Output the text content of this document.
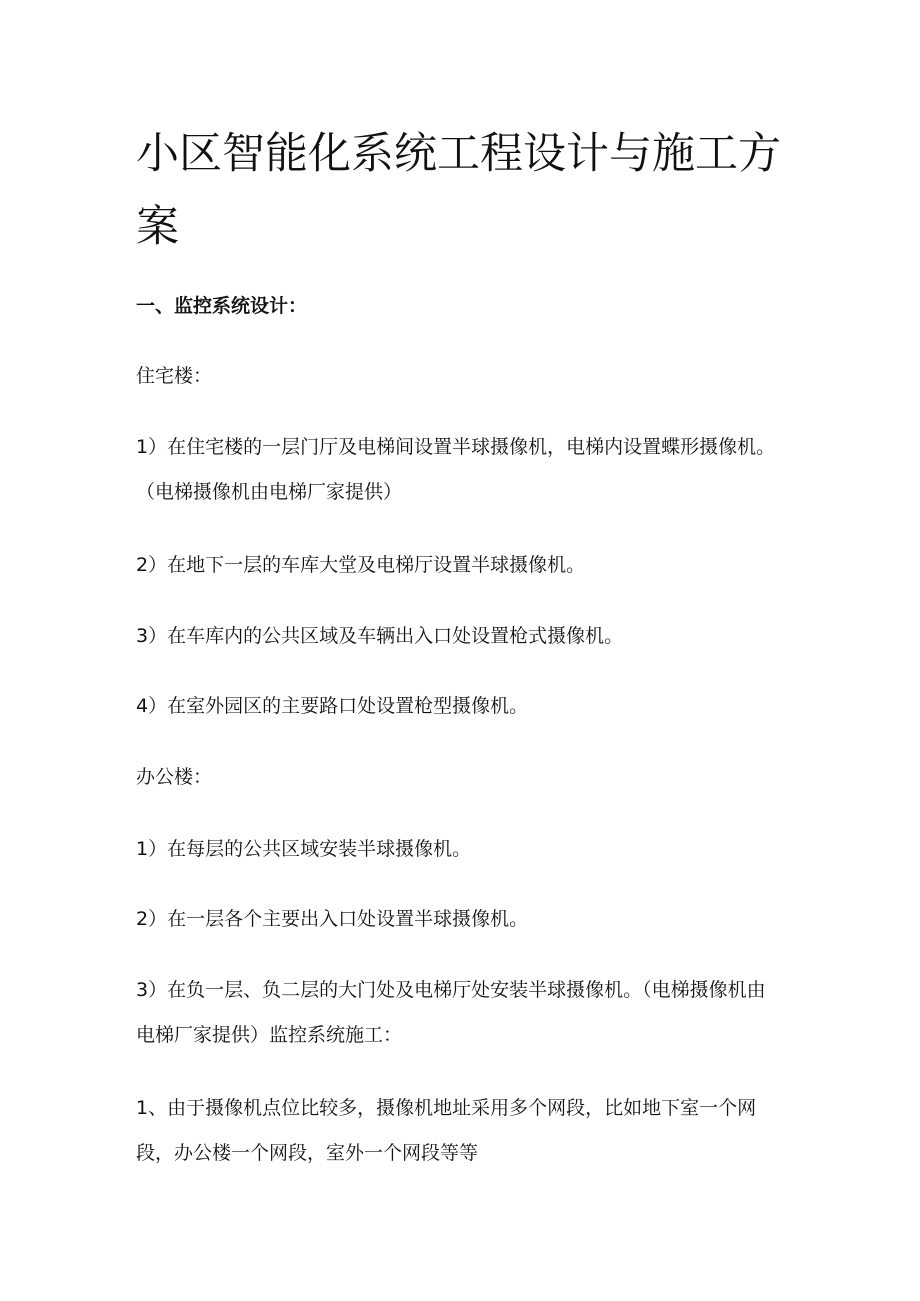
小区智能化系统工程设计与施工方案

一、监控系统设计：

住宅楼：

1）在住宅楼的一层门厅及电梯间设置半球摄像机，电梯内设置蝶形摄像机。（电梯摄像机由电梯厂家提供）

2）在地下一层的车库大堂及电梯厅设置半球摄像机。

3）在车库内的公共区域及车辆出入口处设置枪式摄像机。

4）在室外园区的主要路口处设置枪型摄像机。

办公楼：

1）在每层的公共区域安装半球摄像机。

2）在一层各个主要出入口处设置半球摄像机。

3）在负一层、负二层的大门处及电梯厅处安装半球摄像机。（电梯摄像机由电梯厂家提供）监控系统施工：

1、由于摄像机点位比较多，摄像机地址采用多个网段，比如地下室一个网段，办公楼一个网段，室外一个网段等等
